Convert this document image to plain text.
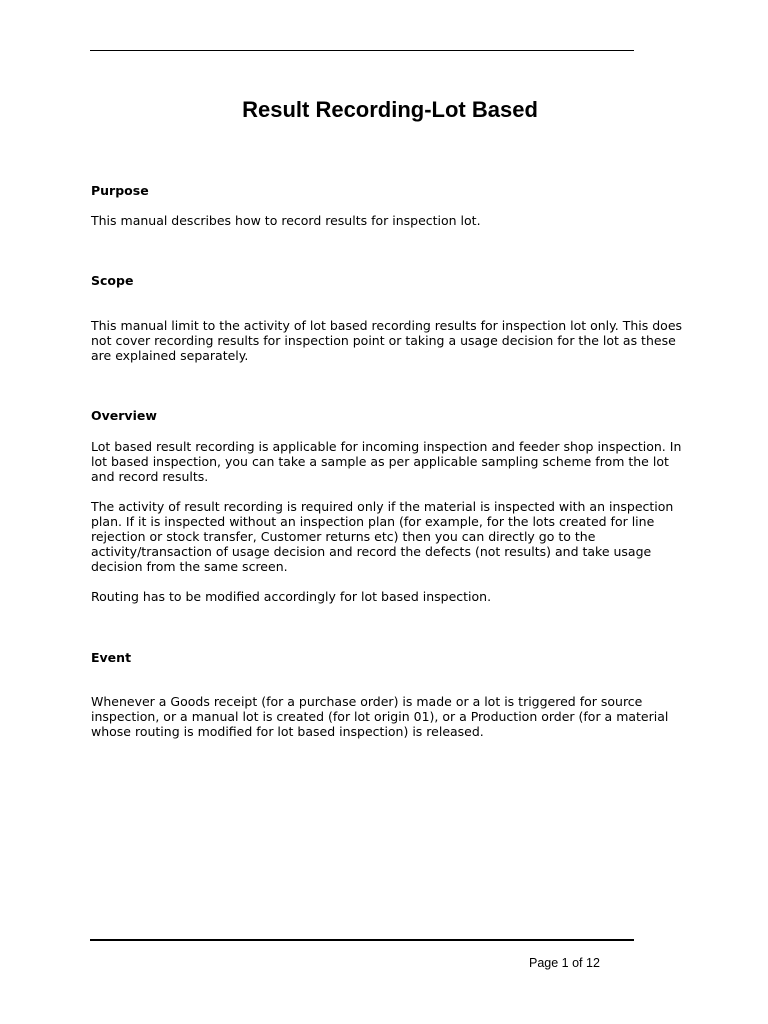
Result Recording-Lot Based
Purpose
This manual describes how to record results for inspection lot.
Scope
This manual limit to the activity of lot based recording results for inspection lot only. This does not cover recording results for inspection point or taking a usage decision for the lot as these are explained separately.
Overview
Lot based result recording is applicable for incoming inspection and feeder shop inspection. In lot based inspection, you can take a sample as per applicable sampling scheme from the lot and record results.
The activity of result recording is required only if the material is inspected with an inspection plan. If it is inspected without an inspection plan (for example, for the lots created for line rejection or stock transfer, Customer returns etc) then you can directly go to the activity/transaction of usage decision and record the defects (not results) and take usage decision from the same screen.
Routing has to be modified accordingly for lot based inspection.
Event
Whenever a Goods receipt (for a purchase order) is made or a lot is triggered for source inspection, or a manual lot is created (for lot origin 01), or a Production order (for a material whose routing is modified for lot based inspection) is released.
Page 1 of 12
